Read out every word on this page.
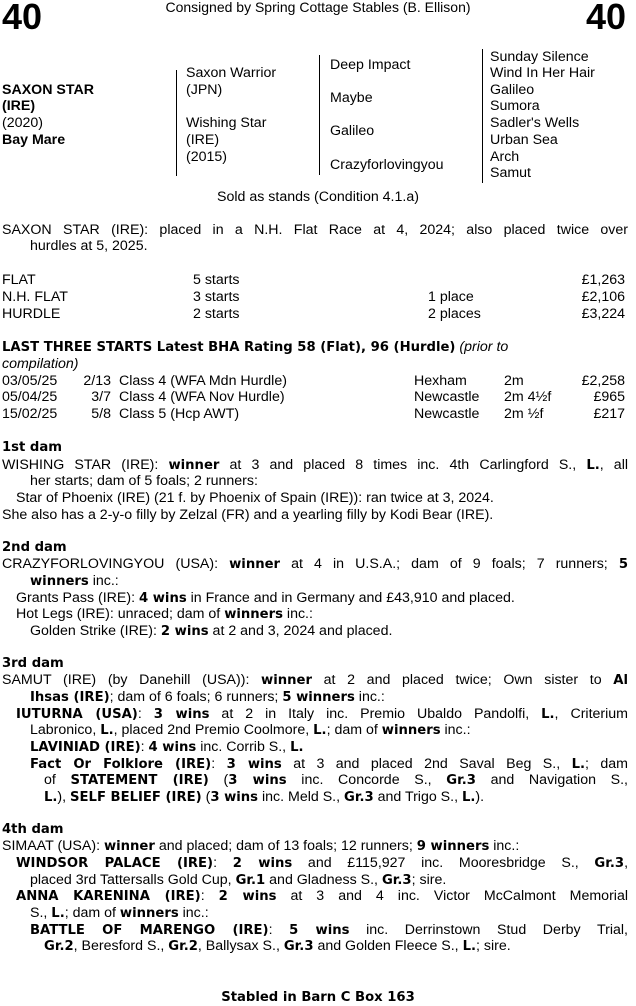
40	40
Consigned by Spring Cottage Stables (B. Ellison)
SAXON STAR
(IRE)
(2020)
Bay Mare
Saxon Warrior
(JPN)
Wishing Star
(IRE)
(2015)
Deep Impact
Maybe
Galileo
Crazyforlovingyou
Sunday Silence
Wind In Her Hair
Galileo
Sumora
Sadler's Wells
Urban Sea
Arch
Samut
Sold as stands (Condition 4.1.a)
SAXON STAR (IRE): placed in a N.H. Flat Race at 4, 2024; also placed twice over
hurdles at 5, 2025.
FLAT	5 starts	£1,263
N.H. FLAT	3 starts	1 place	£2,106
HURDLE	2 starts	2 places	£3,224
LAST THREE STARTS Latest BHA Rating 58 (Flat), 96 (Hurdle) (prior to
compilation)
03/05/25 2/13 Class 4 (WFA Mdn Hurdle)	Hexham	2m	£2,258
05/04/25 3/7 Class 4 (WFA Nov Hurdle)	Newcastle 2m 4½f	£965
15/02/25 5/8 Class 5 (Hcp AWT)	Newcastle 2m ½f	£217
1st dam
WISHING STAR (IRE): winner at 3 and placed 8 times inc. 4th Carlingford S., L., all
her starts; dam of 5 foals; 2 runners:
Star of Phoenix (IRE) (21 f. by Phoenix of Spain (IRE)): ran twice at 3, 2024.
She also has a 2-y-o filly by Zelzal (FR) and a yearling filly by Kodi Bear (IRE).
2nd dam
CRAZYFORLOVINGYOU (USA): winner at 4 in U.S.A.; dam of 9 foals; 7 runners; 5
winners inc.:
Grants Pass (IRE): 4 wins in France and in Germany and £43,910 and placed.
Hot Legs (IRE): unraced; dam of winners inc.:
Golden Strike (IRE): 2 wins at 2 and 3, 2024 and placed.
3rd dam
SAMUT (IRE) (by Danehill (USA)): winner at 2 and placed twice; Own sister to Al
Ihsas (IRE); dam of 6 foals; 6 runners; 5 winners inc.:
IUTURNA (USA): 3 wins at 2 in Italy inc. Premio Ubaldo Pandolfi, L., Criterium
Labronico, L., placed 2nd Premio Coolmore, L.; dam of winners inc.:
LAVINIAD (IRE): 4 wins inc. Corrib S., L.
Fact Or Folklore (IRE): 3 wins at 3 and placed 2nd Saval Beg S., L.; dam
of STATEMENT (IRE) (3 wins inc. Concorde S., Gr.3 and Navigation S.,
L.), SELF BELIEF (IRE) (3 wins inc. Meld S., Gr.3 and Trigo S., L.).
4th dam
SIMAAT (USA): winner and placed; dam of 13 foals; 12 runners; 9 winners inc.:
WINDSOR PALACE (IRE): 2 wins and £115,927 inc. Mooresbridge S., Gr.3,
placed 3rd Tattersalls Gold Cup, Gr.1 and Gladness S., Gr.3; sire.
ANNA KARENINA (IRE): 2 wins at 3 and 4 inc. Victor McCalmont Memorial
S., L.; dam of winners inc.:
BATTLE OF MARENGO (IRE): 5 wins inc. Derrinstown Stud Derby Trial,
Gr.2, Beresford S., Gr.2, Ballysax S., Gr.3 and Golden Fleece S., L.; sire.
Stabled in Barn C Box 163
